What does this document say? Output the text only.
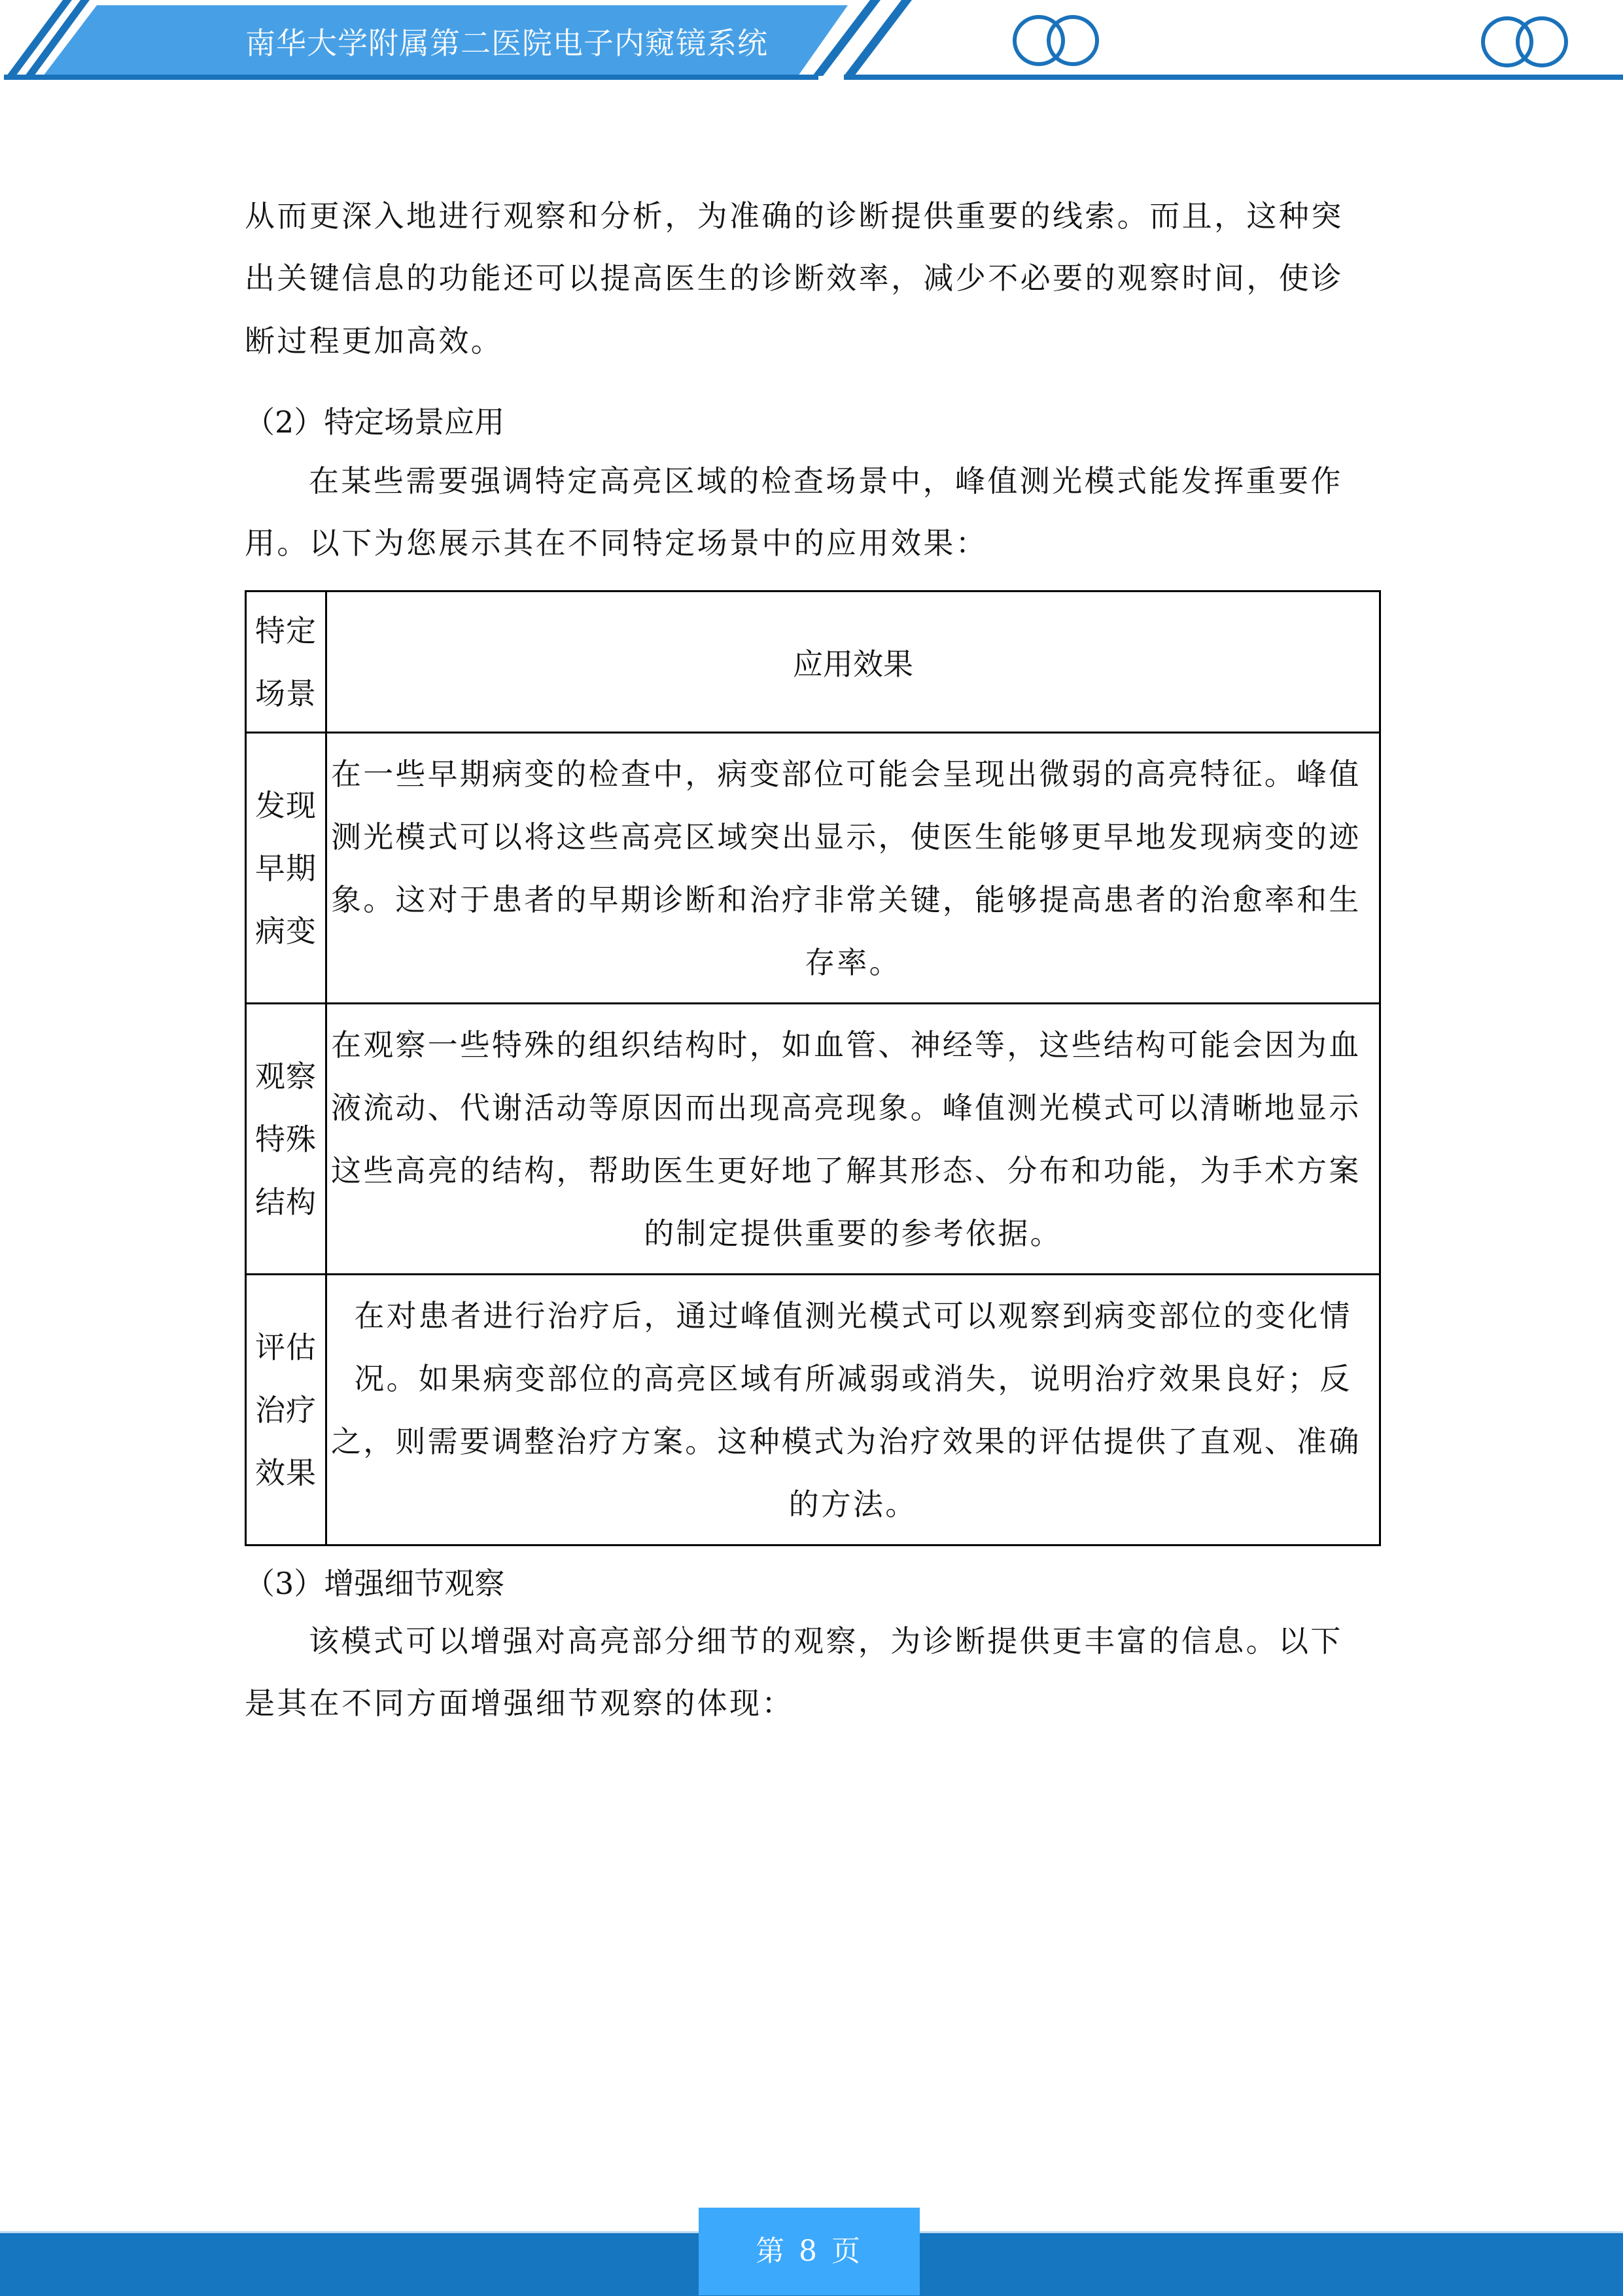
南华大学附属第二医院电子内窥镜系统
从而更深入地进行观察和分析，为准确的诊断提供重要的线索。而且，这种突
出关键信息的功能还可以提高医生的诊断效率，减少不必要的观察时间，使诊
断过程更加高效。
（2）特定场景应用
在某些需要强调特定高亮区域的检查场景中，峰值测光模式能发挥重要作
用。以下为您展示其在不同特定场景中的应用效果：
特定
场景	应用效果

发现
早期
病变	在一些早期病变的检查中，病变部位可能会呈现出微弱的高亮特征。峰值
测光模式可以将这些高亮区域突出显示，使医生能够更早地发现病变的迹
象。这对于患者的早期诊断和治疗非常关键，能够提高患者的治愈率和生
存率。

观察
特殊
结构	在观察一些特殊的组织结构时，如血管、神经等，这些结构可能会因为血
液流动、代谢活动等原因而出现高亮现象。峰值测光模式可以清晰地显示
这些高亮的结构，帮助医生更好地了解其形态、分布和功能，为手术方案
的制定提供重要的参考依据。

评估
治疗
效果	在对患者进行治疗后，通过峰值测光模式可以观察到病变部位的变化情
况。如果病变部位的高亮区域有所减弱或消失，说明治疗效果良好；反
之，则需要调整治疗方案。这种模式为治疗效果的评估提供了直观、准确
的方法。
（3）增强细节观察
该模式可以增强对高亮部分细节的观察，为诊断提供更丰富的信息。以下
是其在不同方面增强细节观察的体现：
第 8 页
